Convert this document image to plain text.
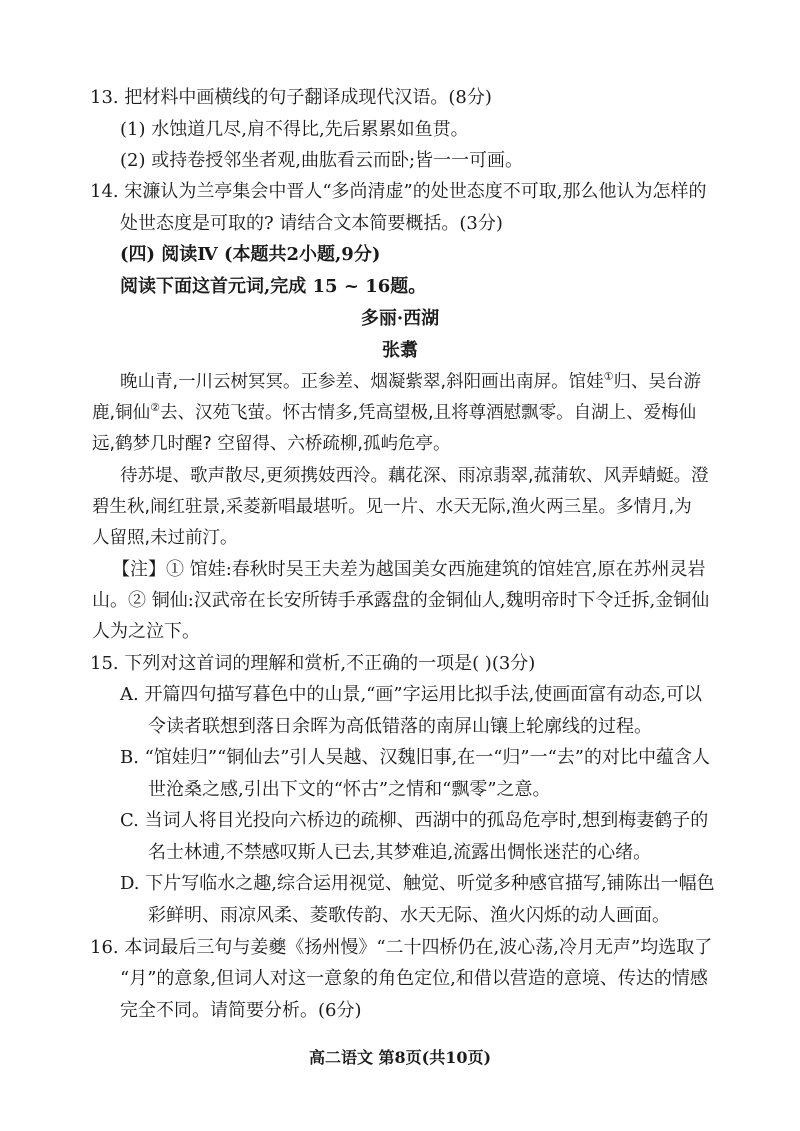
13. 把材料中画横线的句子翻译成现代汉语。(8分)
(1) 水蚀道几尽,肩不得比,先后累累如鱼贯。
(2) 或持卷授邻坐者观,曲肱看云而卧;皆一一可画。
14. 宋濂认为兰亭集会中晋人“多尚清虚”的处世态度不可取,那么他认为怎样的
处世态度是可取的? 请结合文本简要概括。(3分)
(四) 阅读Ⅳ (本题共2小题,9分)
阅读下面这首元词,完成 15 ~ 16题。
多丽·西湖
张翥
晚山青,一川云树冥冥。正参差、烟凝紫翠,斜阳画出南屏。馆娃①归、吴台游
鹿,铜仙②去、汉苑飞萤。怀古情多,凭高望极,且将尊酒慰飘零。自湖上、爱梅仙
远,鹤梦几时醒? 空留得、六桥疏柳,孤屿危亭。
待苏堤、歌声散尽,更须携妓西泠。藕花深、雨凉翡翠,菰蒲软、风弄蜻蜓。澄
碧生秋,闹红驻景,采菱新唱最堪听。见一片、水天无际,渔火两三星。多情月,为
人留照,未过前汀。
【注】① 馆娃:春秋时吴王夫差为越国美女西施建筑的馆娃宫,原在苏州灵岩
山。② 铜仙:汉武帝在长安所铸手承露盘的金铜仙人,魏明帝时下令迁拆,金铜仙
人为之泣下。
15. 下列对这首词的理解和赏析,不正确的一项是( )(3分)
A. 开篇四句描写暮色中的山景,“画”字运用比拟手法,使画面富有动态,可以
令读者联想到落日余晖为高低错落的南屏山镶上轮廓线的过程。
B. “馆娃归”“铜仙去”引人吴越、汉魏旧事,在一“归”一“去”的对比中蕴含人
世沧桑之感,引出下文的“怀古”之情和“飘零”之意。
C. 当词人将目光投向六桥边的疏柳、西湖中的孤岛危亭时,想到梅妻鹤子的
名士林逋,不禁感叹斯人已去,其梦难追,流露出惆怅迷茫的心绪。
D. 下片写临水之趣,综合运用视觉、触觉、听觉多种感官描写,铺陈出一幅色
彩鲜明、雨凉风柔、菱歌传韵、水天无际、渔火闪烁的动人画面。
16. 本词最后三句与姜夔《扬州慢》“二十四桥仍在,波心荡,冷月无声”均选取了
“月”的意象,但词人对这一意象的角色定位,和借以营造的意境、传达的情感
完全不同。请简要分析。(6分)
高二语文 第8页(共10页)
